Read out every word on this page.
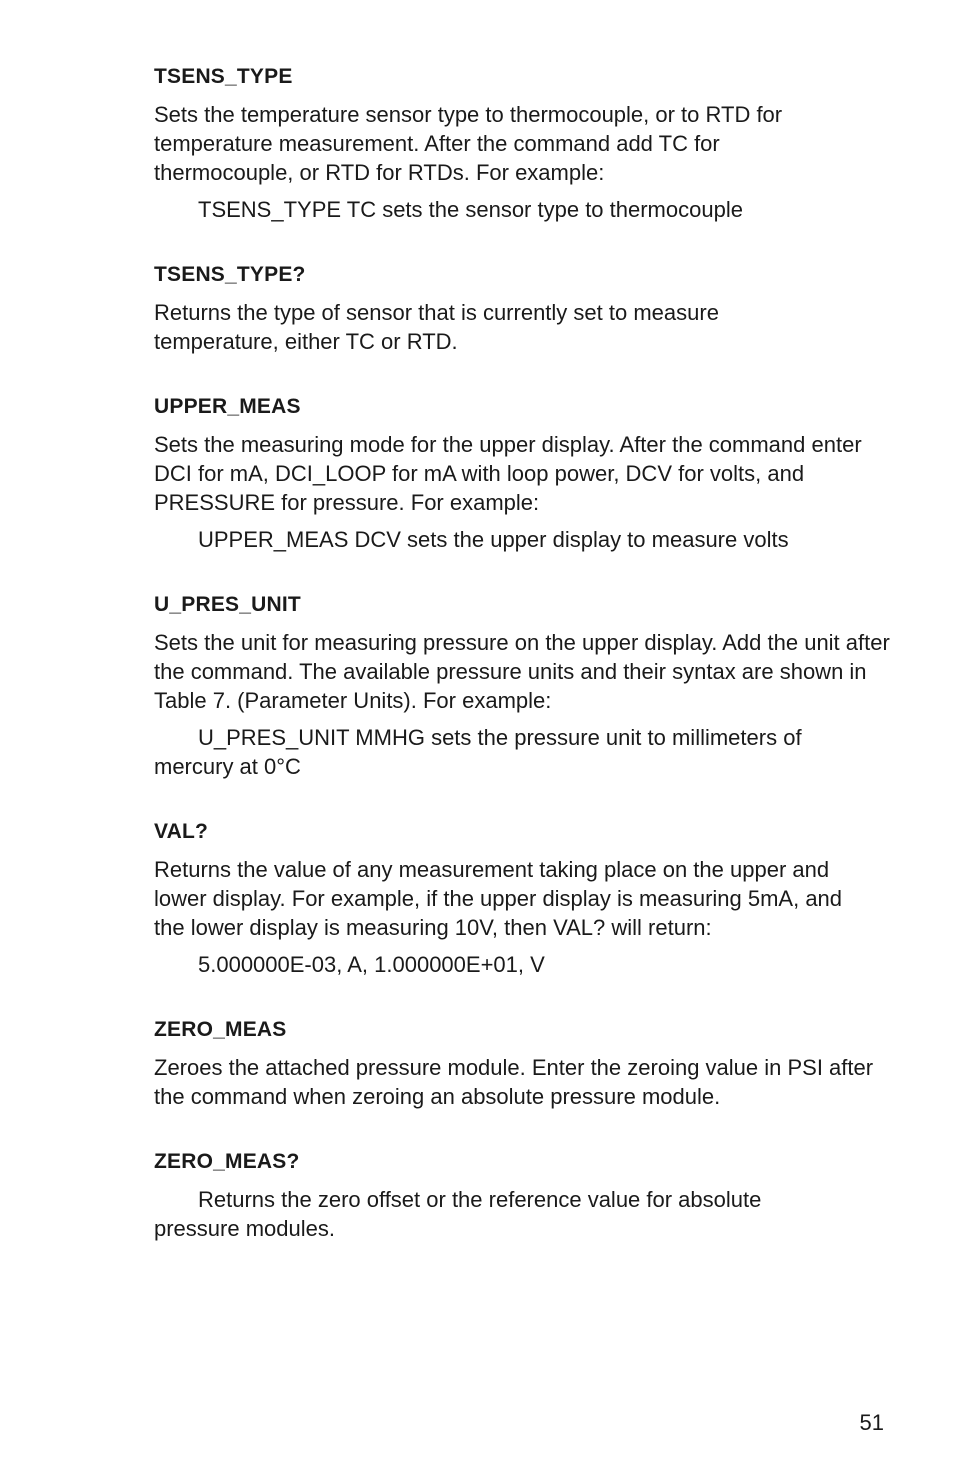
TSENS_TYPE

Sets the temperature sensor type to thermocouple, or to RTD for temperature measurement. After the command add TC for thermocouple, or RTD for RTDs. For example:

TSENS_TYPE TC sets the sensor type to thermocouple

TSENS_TYPE?

Returns the type of sensor that is currently set to measure temperature, either TC or RTD.

UPPER_MEAS

Sets the measuring mode for the upper display. After the command enter DCI for mA, DCI_LOOP for mA with loop power, DCV for volts, and PRESSURE for pressure. For example:

UPPER_MEAS DCV sets the upper display to measure volts

U_PRES_UNIT

Sets the unit for measuring pressure on the upper display. Add the unit after the command. The available pressure units and their syntax are shown in Table 7. (Parameter Units). For example:

U_PRES_UNIT MMHG sets the pressure unit to millimeters of mercury at 0°C

VAL?

Returns the value of any measurement taking place on the upper and lower display. For example, if the upper display is measuring 5mA, and the lower display is measuring 10V, then VAL? will return:

5.000000E-03, A, 1.000000E+01, V

ZERO_MEAS

Zeroes the attached pressure module. Enter the zeroing value in PSI after the command when zeroing an absolute pressure module.

ZERO_MEAS?

Returns the zero offset or the reference value for absolute pressure modules.

51
